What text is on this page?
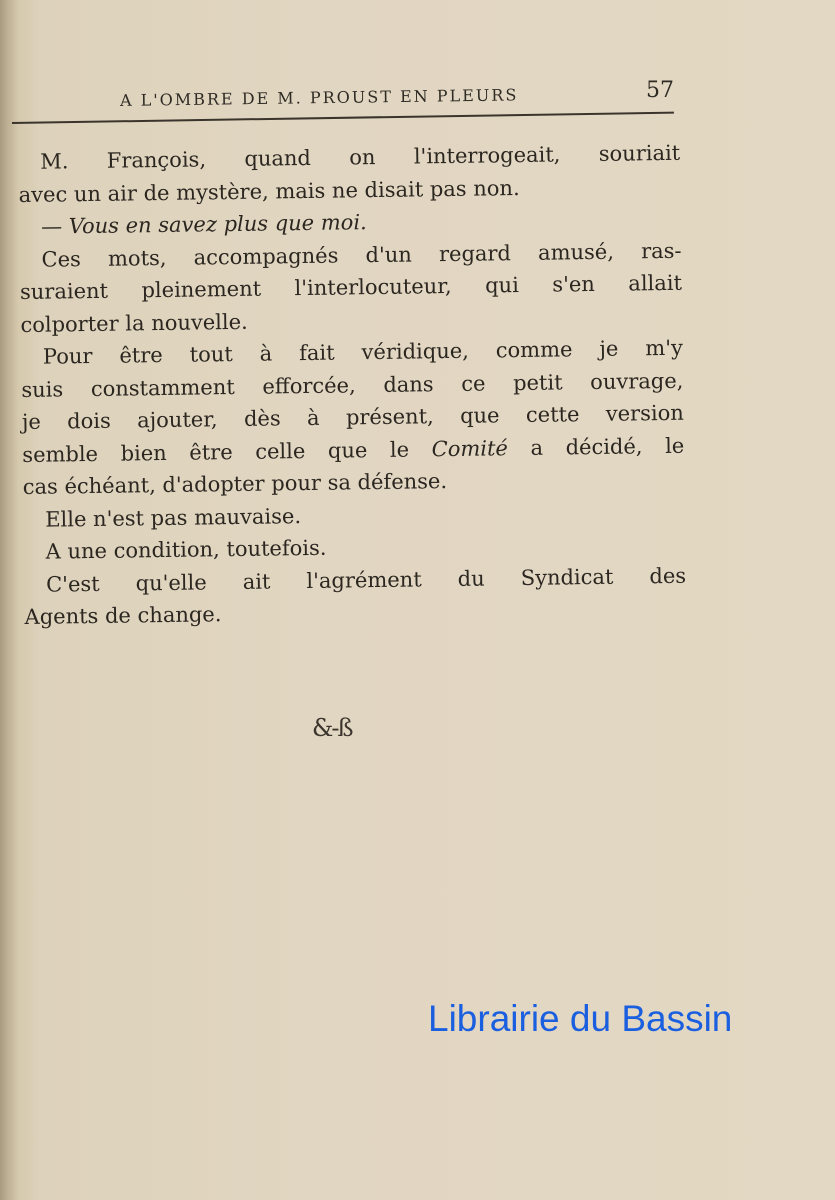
A L'OMBRE DE M. PROUST EN PLEURS	57
M. François, quand on l'interrogeait, souriait
avec un air de mystère, mais ne disait pas non.
— Vous en savez plus que moi.
Ces mots, accompagnés d'un regard amusé, ras-
suraient pleinement l'interlocuteur, qui s'en allait
colporter la nouvelle.
Pour être tout à fait véridique, comme je m'y
suis constamment efforcée, dans ce petit ouvrage,
je dois ajouter, dès à présent, que cette version
semble bien être celle que le Comité a décidé, le
cas échéant, d'adopter pour sa défense.
Elle n'est pas mauvaise.
A une condition, toutefois.
C'est qu'elle ait l'agrément du Syndicat des
Agents de change.
&-ß
Librairie du Bassin
